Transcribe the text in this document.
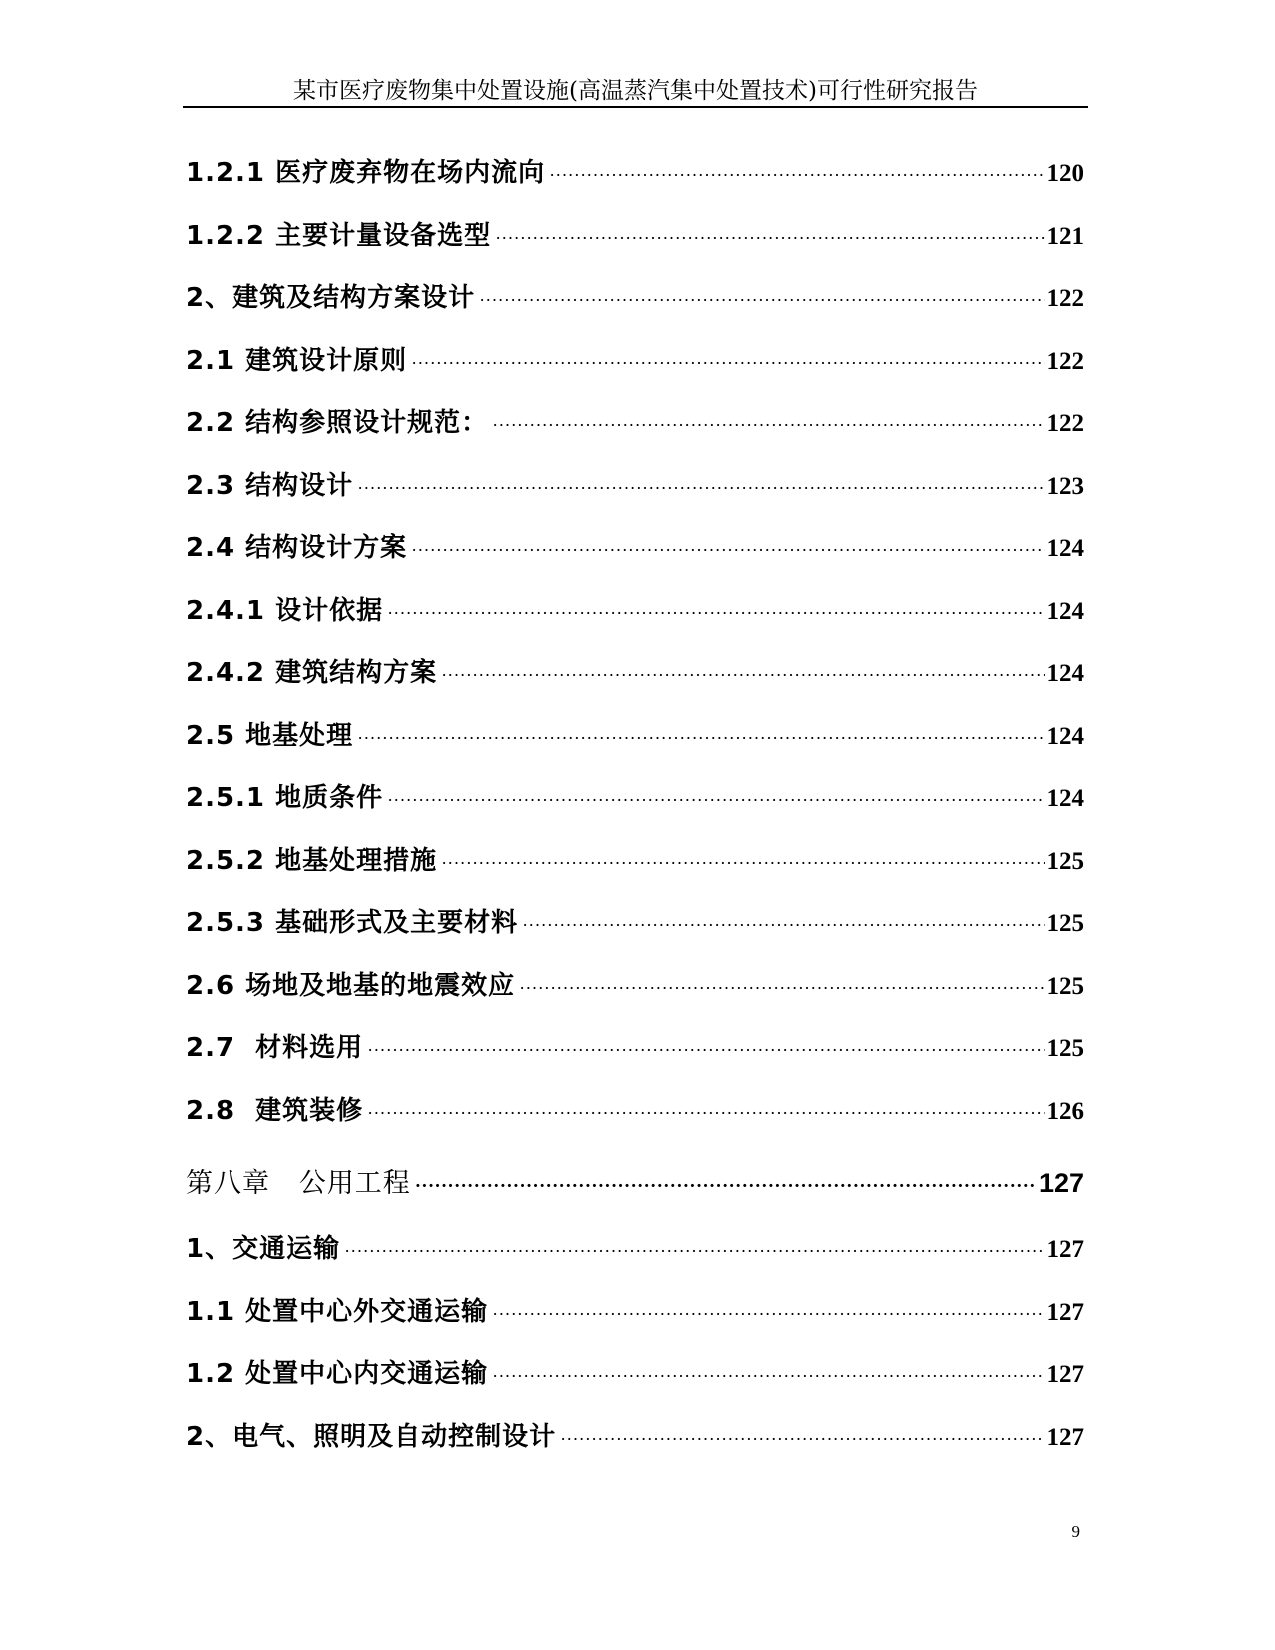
某市医疗废物集中处置设施(高温蒸汽集中处置技术)可行性研究报告
1.2.1 医疗废弃物在场内流向 ·····	120
1.2.2 主要计量设备选型 ·····	121
2、建筑及结构方案设计 ·····	122
2.1 建筑设计原则 ·····	122
2.2 结构参照设计规范： ·····	122
2.3 结构设计 ·····	123
2.4 结构设计方案 ·····	124
2.4.1 设计依据 ·····	124
2.4.2 建筑结构方案 ·····	124
2.5 地基处理 ·····	124
2.5.1 地质条件 ·····	124
2.5.2 地基处理措施 ·····	125
2.5.3 基础形式及主要材料 ·····	125
2.6 场地及地基的地震效应 ·····	125
2.7  材料选用 ·····	125
2.8  建筑装修 ·····	126
第八章   公用工程 ·····	127
1、交通运输 ·····	127
1.1 处置中心外交通运输 ·····	127
1.2 处置中心内交通运输 ·····	127
2、电气、照明及自动控制设计 ·····	127
9
